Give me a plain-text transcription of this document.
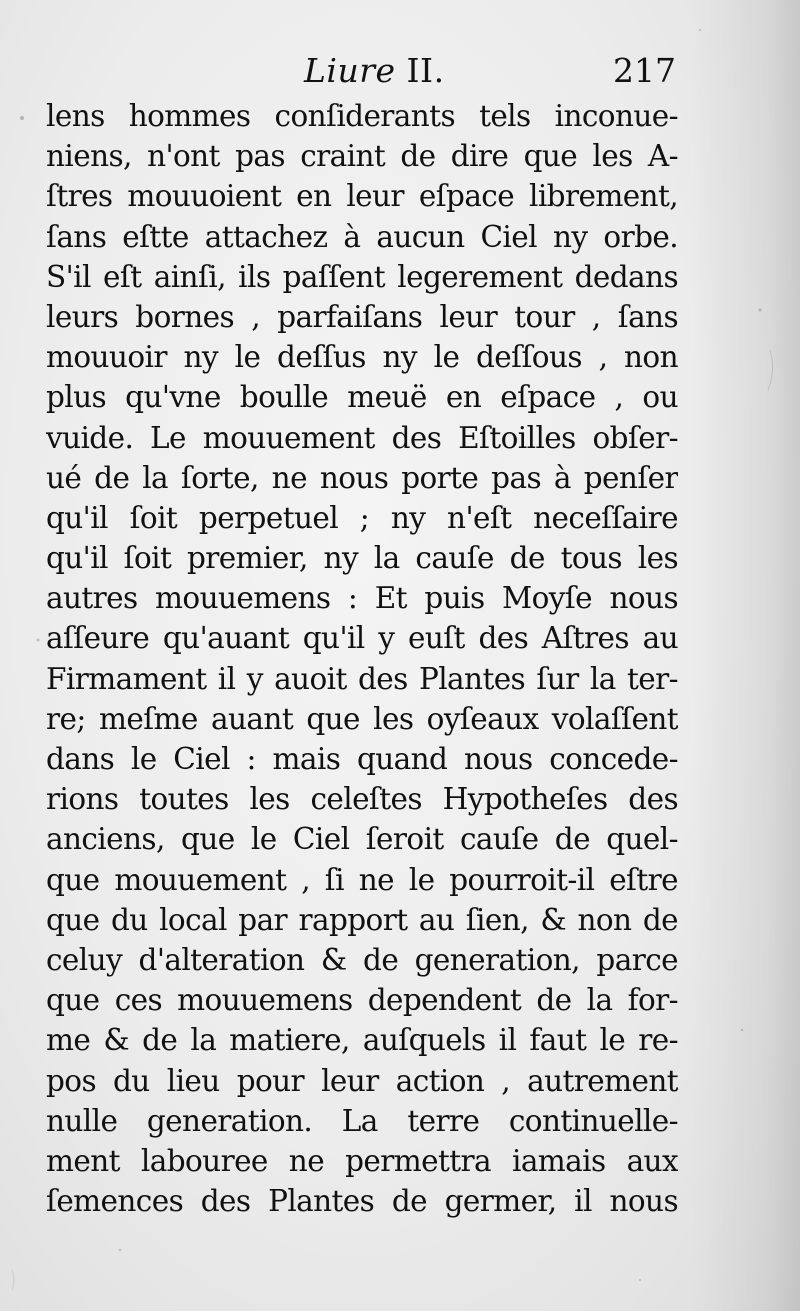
Liure II.	217
lens hommes conſiderants tels inconue-
niens, n'ont pas craint de dire que les A-
ſtres mouuoient en leur eſpace librement,
ſans eſtte attachez à aucun Ciel ny orbe.
S'il eſt ainſi, ils paſſent legerement dedans
leurs bornes , parfaiſans leur tour , ſans
mouuoir ny le deſſus ny le deſſous , non
plus qu'vne boulle meuë en eſpace , ou
vuide. Le mouuement des Eſtoilles obſer-
ué de la ſorte, ne nous porte pas à penſer
qu'il ſoit perpetuel ; ny n'eſt neceſſaire
qu'il ſoit premier, ny la cauſe de tous les
autres mouuemens : Et puis Moyſe nous
aſſeure qu'auant qu'il y euſt des Aſtres au
Firmament il y auoit des Plantes ſur la ter-
re; meſme auant que les oyſeaux volaſſent
dans le Ciel : mais quand nous concede-
rions toutes les celeſtes Hypotheſes des
anciens, que le Ciel ſeroit cauſe de quel-
que mouuement , ſi ne le pourroit-il eſtre
que du local par rapport au ſien, & non de
celuy d'alteration & de generation, parce
que ces mouuemens dependent de la for-
me & de la matiere, auſquels il faut le re-
pos du lieu pour leur action , autrement
nulle generation. La terre continuelle-
ment labouree ne permettra iamais aux
ſemences des Plantes de germer, il nous
